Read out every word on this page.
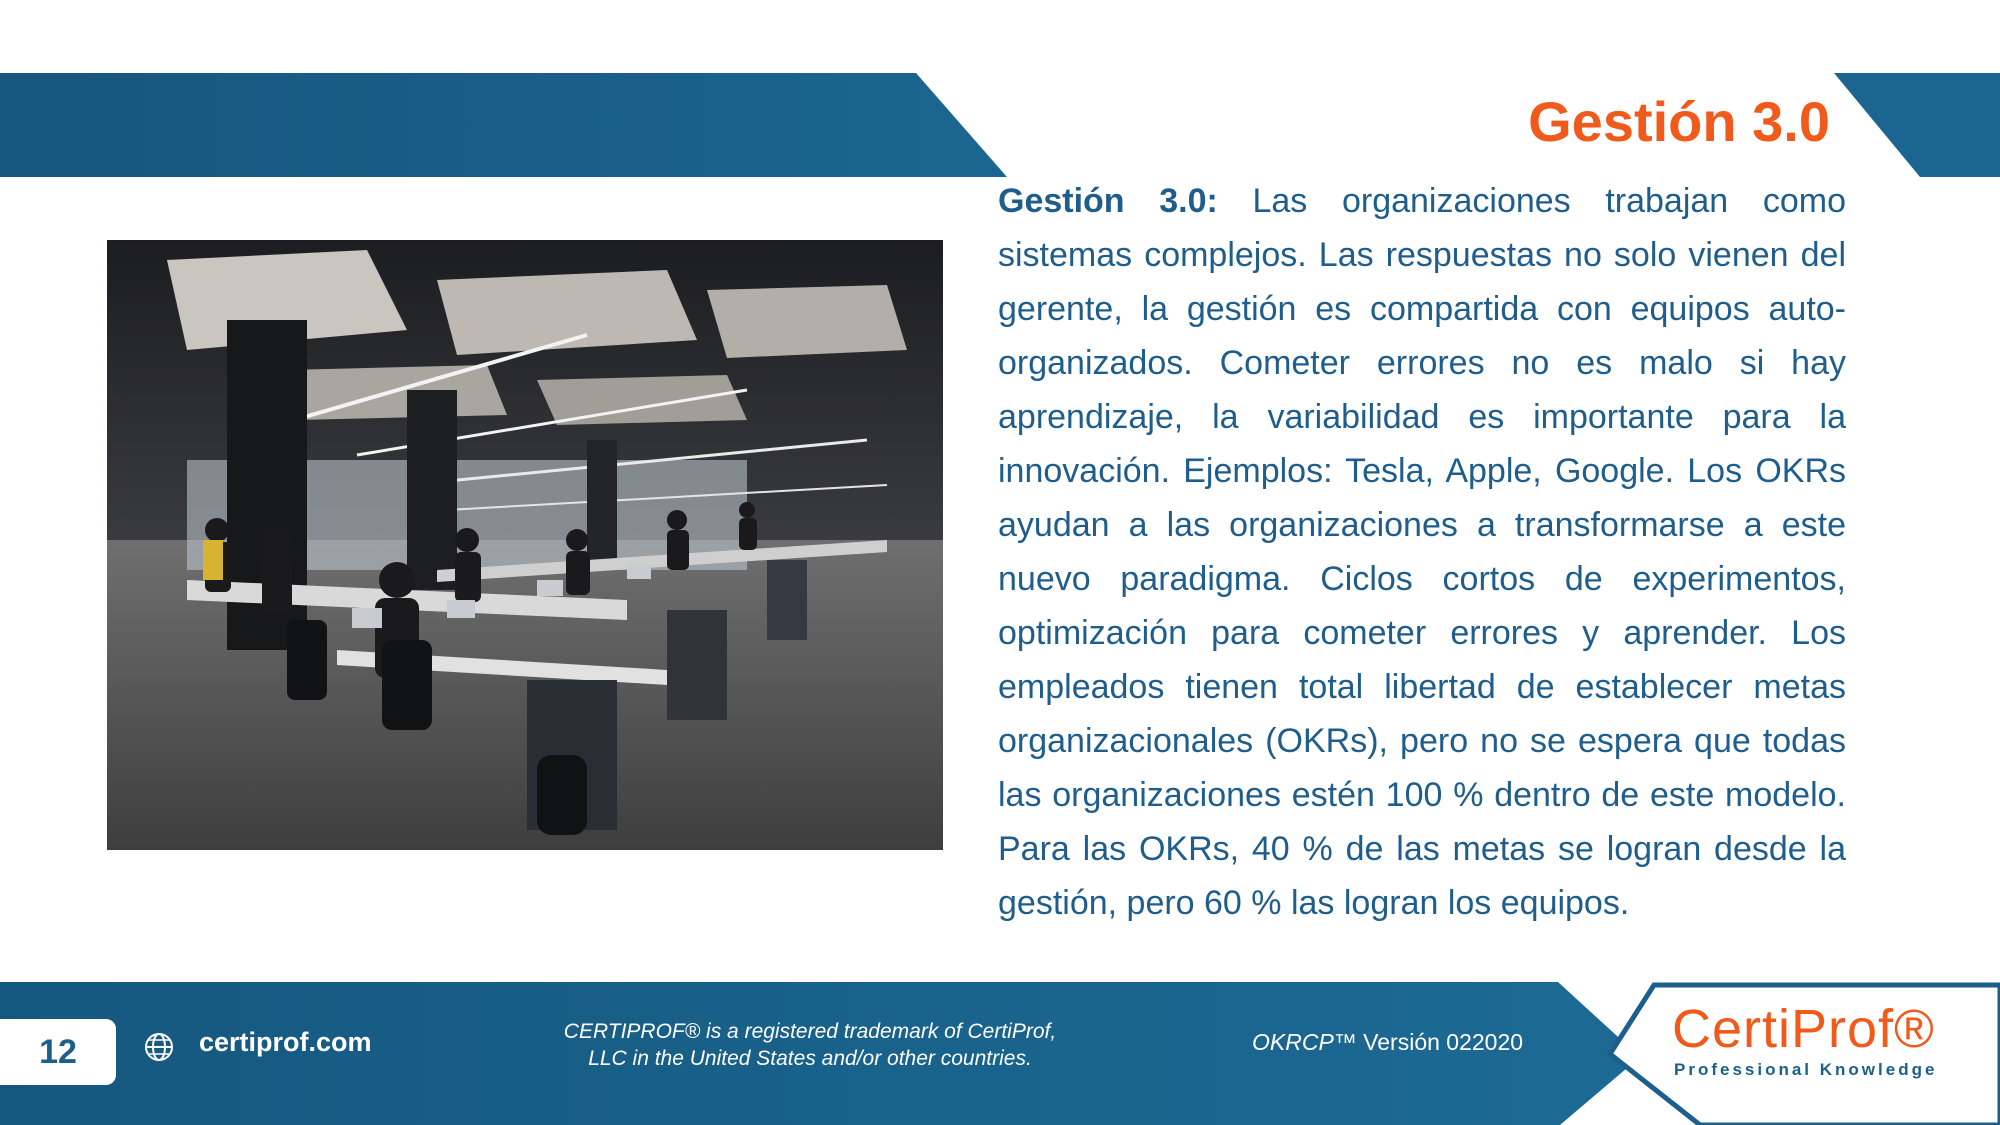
Gestión 3.0

Gestión 3.0: Las organizaciones trabajan como sistemas complejos. Las respuestas no solo vienen del gerente, la gestión es compartida con equipos auto-organizados. Cometer errores no es malo si hay aprendizaje, la variabilidad es importante para la innovación. Ejemplos: Tesla, Apple, Google. Los OKRs ayudan a las organizaciones a transformarse a este nuevo paradigma. Ciclos cortos de experimentos, optimización para cometer errores y aprender. Los empleados tienen total libertad de establecer metas organizacionales (OKRs), pero no se espera que todas las organizaciones estén 100 % dentro de este modelo. Para las OKRs, 40 % de las metas se logran desde la gestión, pero 60 % las logran los equipos.

12	certiprof.com	CERTIPROF® is a registered trademark of CertiProf,
LLC in the United States and/or other countries.
OKRCP™ Versión 022020	CertiProf®
Professional Knowledge
